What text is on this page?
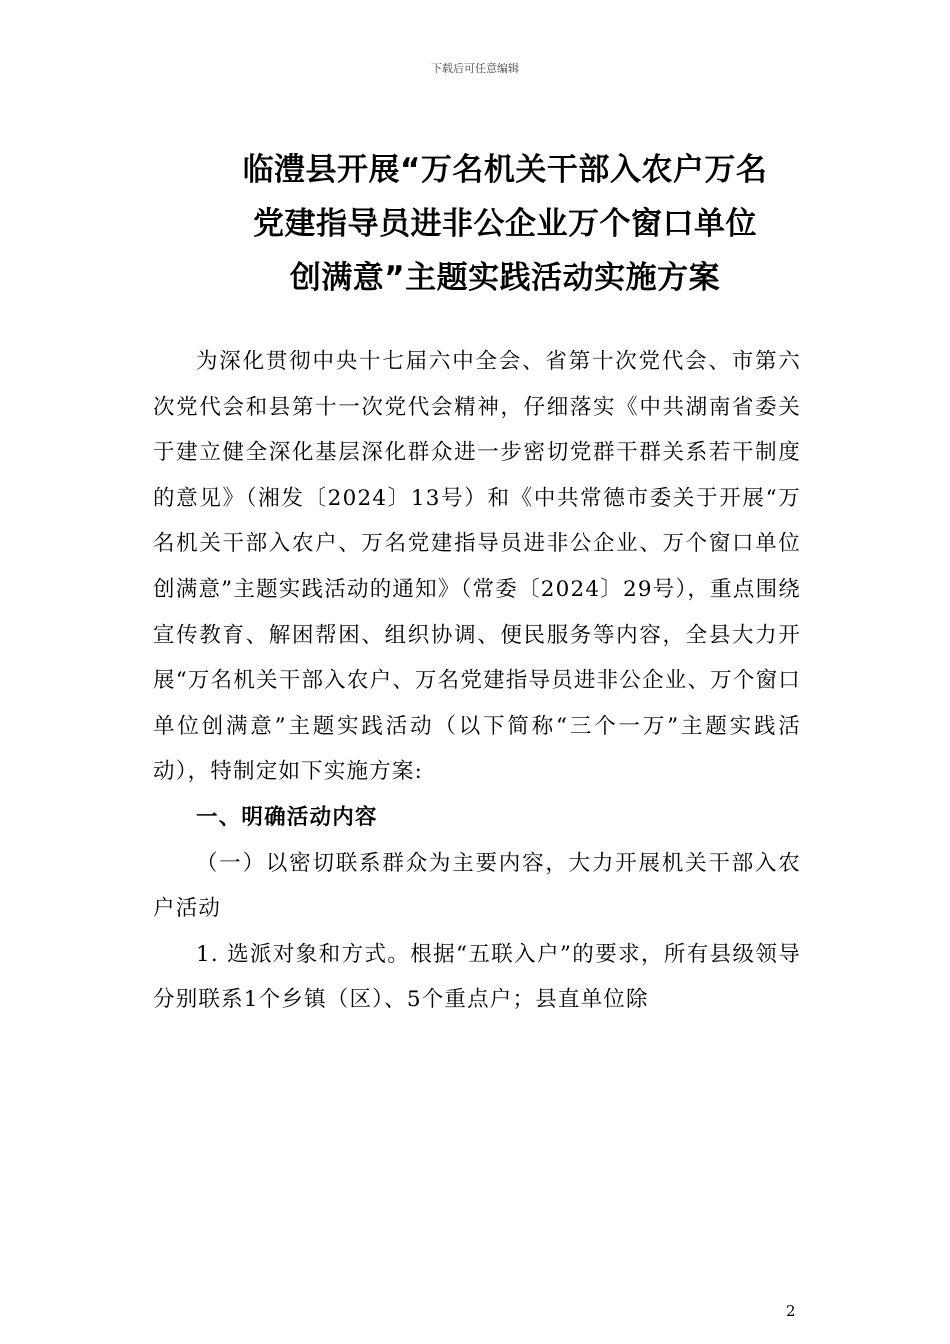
下载后可任意编辑
临澧县开展“万名机关干部入农户万名
党建指导员进非公企业万个窗口单位
创满意”主题实践活动实施方案

为深化贯彻中央十七届六中全会、省第十次党代会、市第六次党代会和县第十一次党代会精神，仔细落实《中共湖南省委关于建立健全深化基层深化群众进一步密切党群干群关系若干制度的意见》（湘发〔2024〕13号）和《中共常德市委关于开展“万名机关干部入农户、万名党建指导员进非公企业、万个窗口单位创满意”主题实践活动的通知》（常委〔2024〕29号），重点围绕宣传教育、解困帮困、组织协调、便民服务等内容，全县大力开展“万名机关干部入农户、万名党建指导员进非公企业、万个窗口单位创满意”主题实践活动（以下简称“三个一万”主题实践活动），特制定如下实施方案:

一、明确活动内容

（一）以密切联系群众为主要内容，大力开展机关干部入农户活动

1. 选派对象和方式。根据“五联入户”的要求，所有县级领导分别联系1个乡镇（区）、5个重点户；县直单位除

2
